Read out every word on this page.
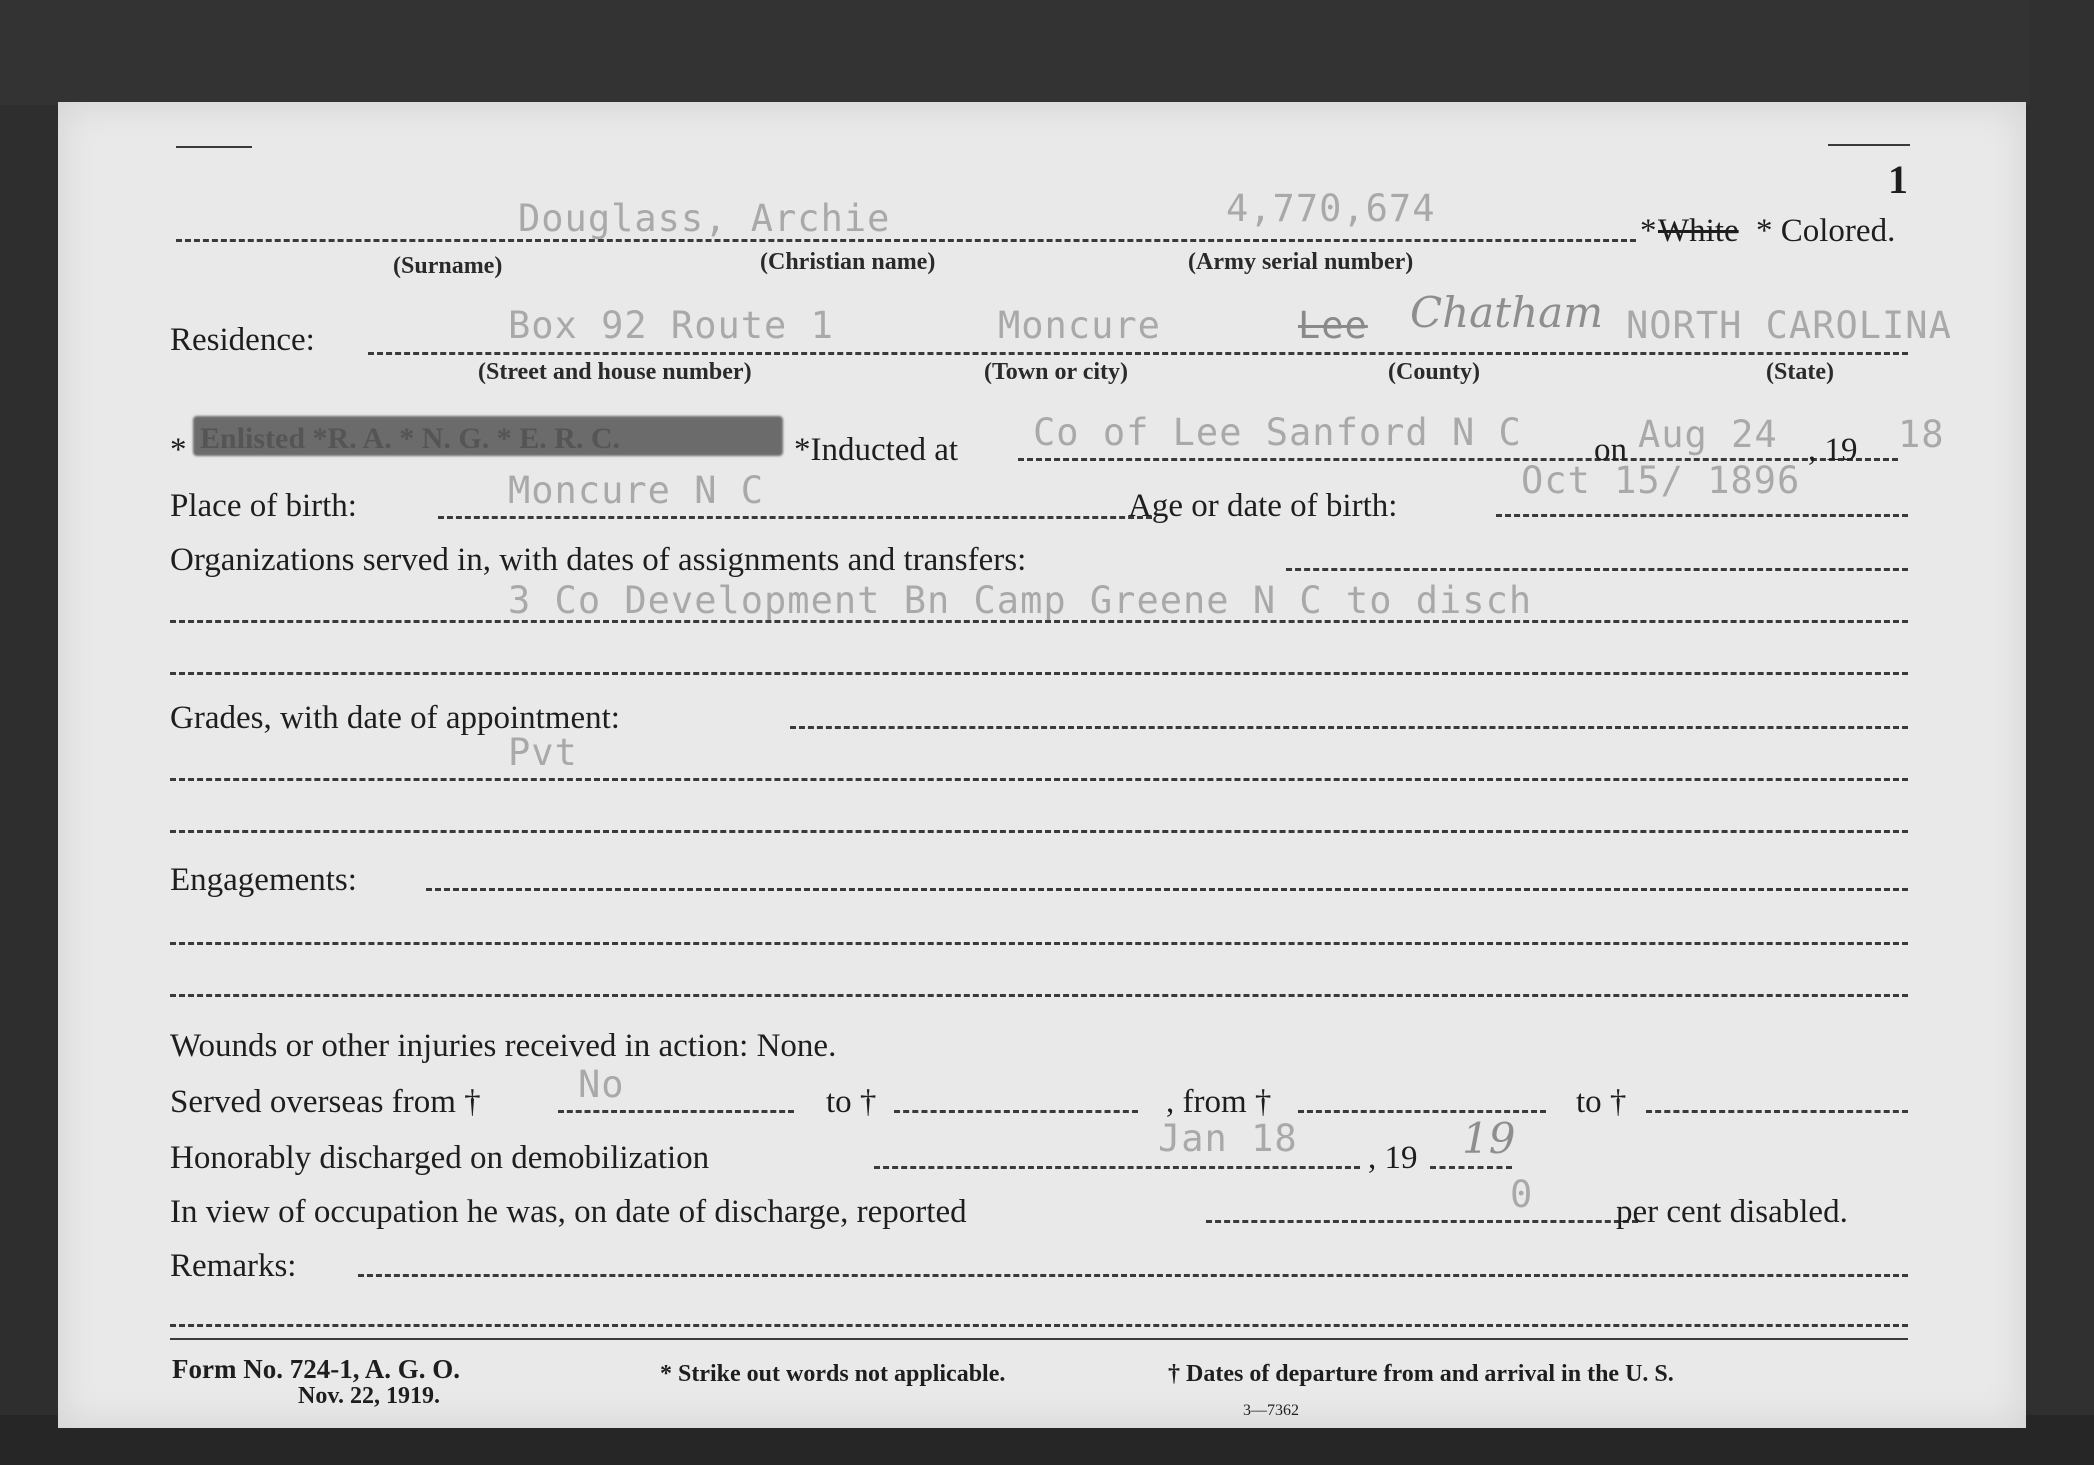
1
Douglass, Archie	4,770,674
* White * Colored.
(Surname)	(Christian name)	(Army serial number)
Residence:	Box 92 Route 1	Moncure	Lee Chatham NORTH CAROLINA
(Street and house number)	(Town or city)	(County)	(State)
* Enlisted *R. A. * N. G. * E. R. C.	*Inducted at Co of Lee Sanford N C on Aug 24 , 19 18
Place of birth:	Moncure N C	Age or date of birth:
Oct 15/ 1896
Organizations served in, with dates of assignments and transfers:
3 Co Development Bn Camp Greene N C to disch
Grades, with date of appointment:
Pvt
Engagements:
Wounds or other injuries received in action: None.
Served overseas from †	No	to †	, from †	to †
Honorably discharged on demobilization	Jan 18 , 19 19
In view of occupation he was, on date of discharge, reported	0	per cent disabled.
Remarks:
Form No. 724-1, A. G. O.
Nov. 22, 1919.
* Strike out words not applicable.	† Dates of departure from and arrival in the U. S.
3—7362
